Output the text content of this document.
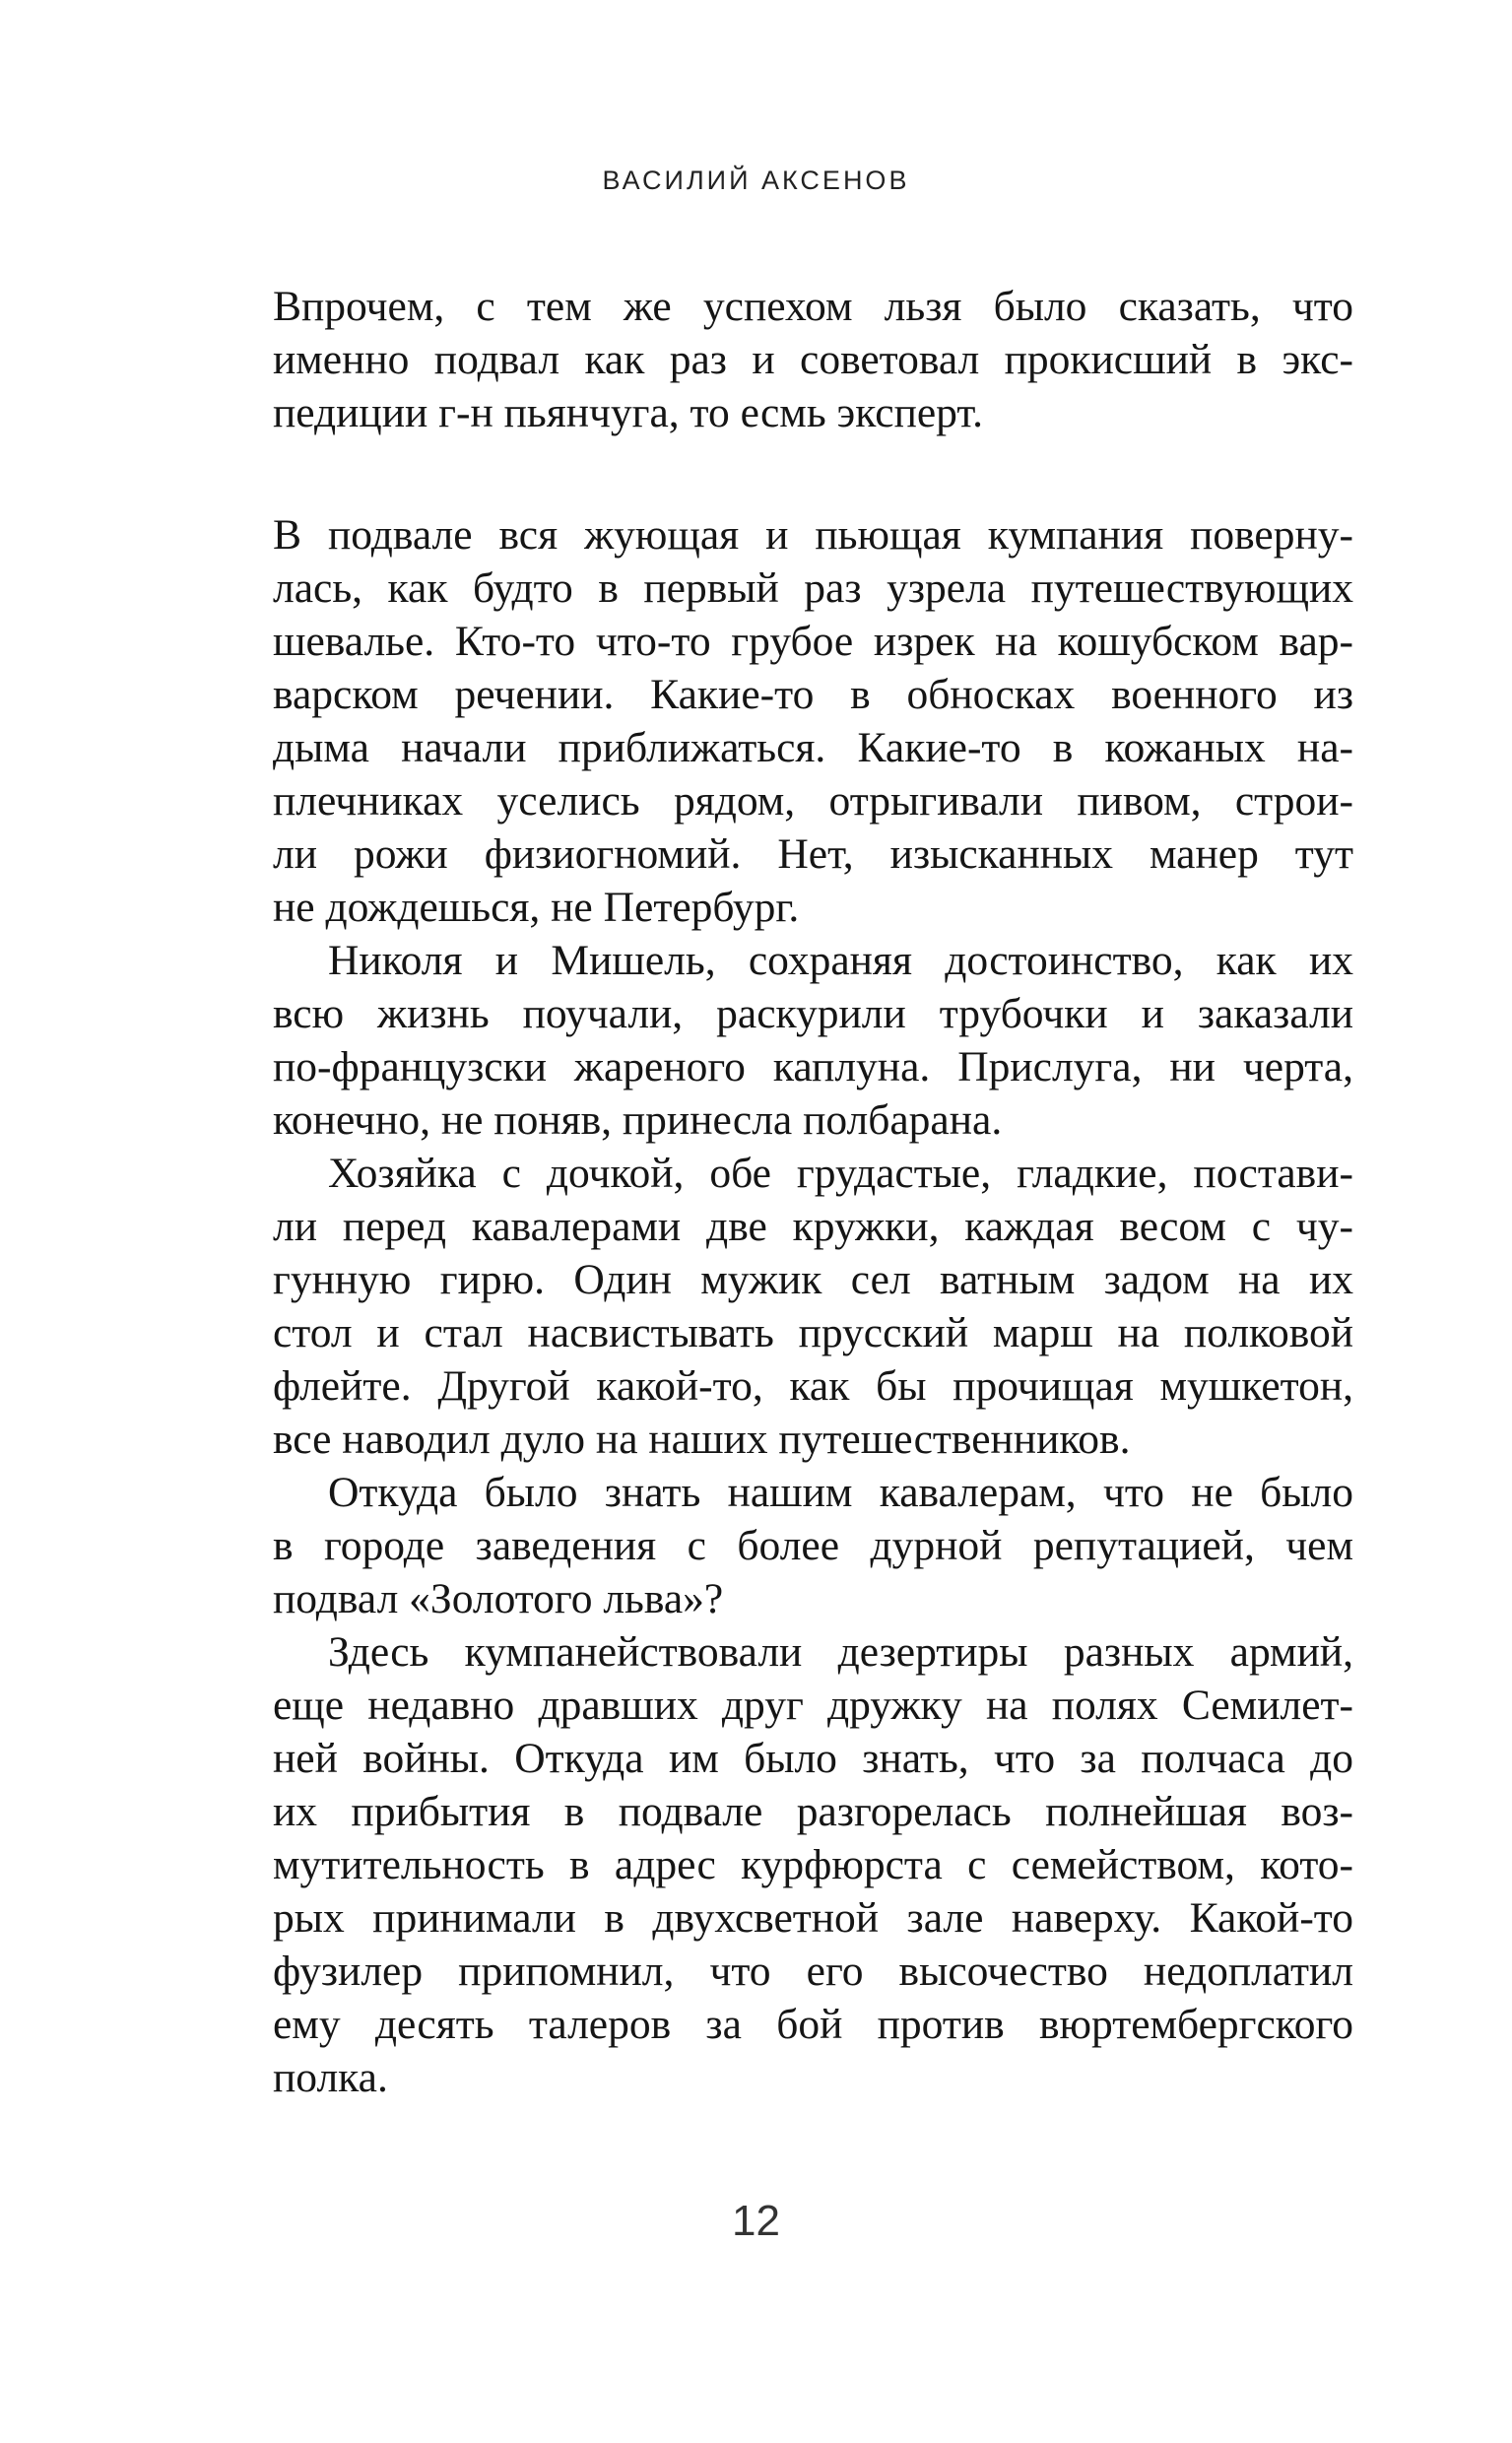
ВАСИЛИЙ АКСЕНОВ
Впрочем, с тем же успехом льзя было сказать, что
именно подвал как раз и советовал прокисший в экс-
педиции г-н пьянчуга, то есмь эксперт.
В подвале вся жующая и пьющая кумпания поверну-
лась, как будто в первый раз узрела путешествующих
шевалье. Кто-то что-то грубое изрек на кошубском вар-
варском речении. Какие-то в обносках военного из
дыма начали приближаться. Какие-то в кожаных на-
плечниках уселись рядом, отрыгивали пивом, строи-
ли рожи физиогномий. Нет, изысканных манер тут
не дождешься, не Петербург.
Николя и Мишель, сохраняя достоинство, как их
всю жизнь поучали, раскурили трубочки и заказали
по-французски жареного каплуна. Прислуга, ни черта,
конечно, не поняв, принесла полбарана.
Хозяйка с дочкой, обе грудастые, гладкие, постави-
ли перед кавалерами две кружки, каждая весом с чу-
гунную гирю. Один мужик сел ватным задом на их
стол и стал насвистывать прусский марш на полковой
флейте. Другой какой-то, как бы прочищая мушкетон,
все наводил дуло на наших путешественников.
Откуда было знать нашим кавалерам, что не было
в городе заведения с более дурной репутацией, чем
подвал «Золотого льва»?
Здесь кумпанействовали дезертиры разных армий,
еще недавно дравших друг дружку на полях Семилет-
ней войны. Откуда им было знать, что за полчаса до
их прибытия в подвале разгорелась полнейшая воз-
мутительность в адрес курфюрста с семейством, кото-
рых принимали в двухсветной зале наверху. Какой-то
фузилер припомнил, что его высочество недоплатил
ему десять талеров за бой против вюртембергского
полка.
12
